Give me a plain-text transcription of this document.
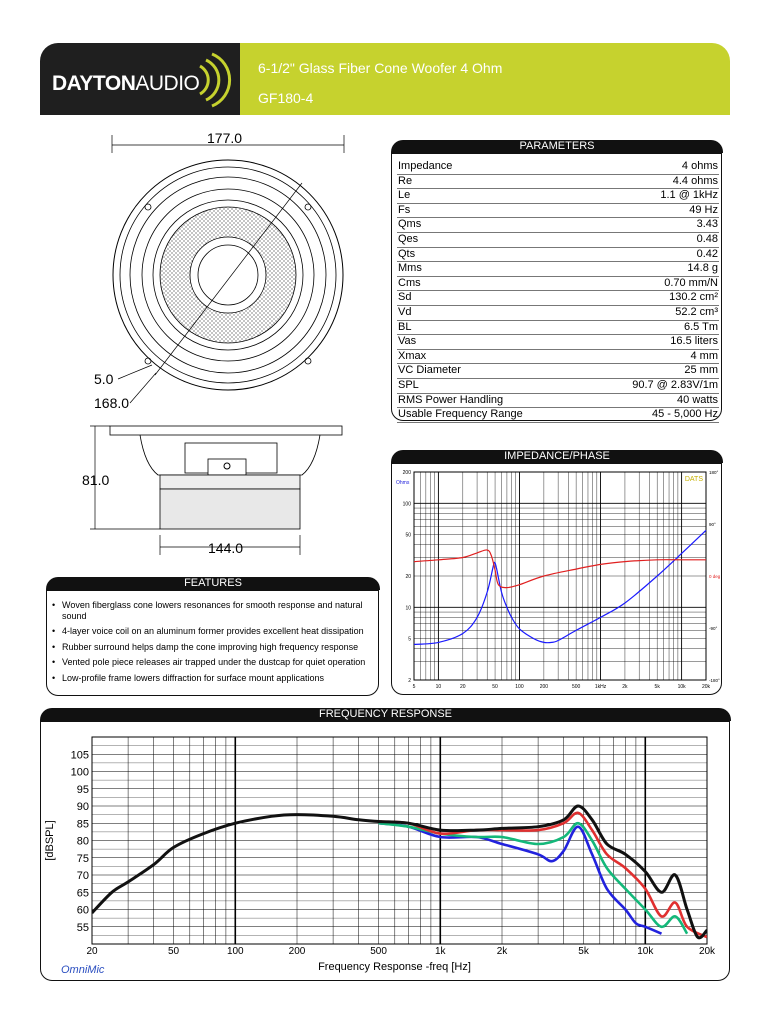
DAYTONAUDIO
6-1/2" Glass Fiber Cone Woofer 4 Ohm
GF180-4
177.0
5.0
168.0
81.0
144.0
PARAMETERS
Impedance	4 ohms
Re	4.4 ohms
Le	1.1 @ 1kHz
Fs	49 Hz
Qms	3.43
Qes	0.48
Qts	0.42
Mms	14.8 g
Cms	0.70 mm/N
Sd	130.2 cm²
Vd	52.2 cm³
BL	6.5 Tm
Vas	16.5 liters
Xmax	4 mm
VC Diameter	25 mm
SPL	90.7 @ 2.83V/1m
RMS Power Handling	40 watts
Usable Frequency Range	45 - 5,000 Hz
IMPEDANCE/PHASE
5	10	20	50	100	200	500	1kHz	2k	5k	10k	20k
2
5
10
20
50
100
200	180°
90°
0 deg
-90°
-180°
Ohms	DATS
FEATURES
• Woven fiberglass cone lowers resonances for smooth response and natural sound
• 4-layer voice coil on an aluminum former provides excellent heat dissipation
• Rubber surround helps damp the cone improving high frequency response
• Vented pole piece releases air trapped under the dustcap for quiet operation
• Low-profile frame lowers diffraction for surface mount applications
FREQUENCY RESPONSE
20	50	100	200	500	1k	2k	5k	10k	20k
55
60
65
70
75
80
85
90
95
100
105
[dBSPL]
Frequency Response -freq [Hz]
OmniMic
